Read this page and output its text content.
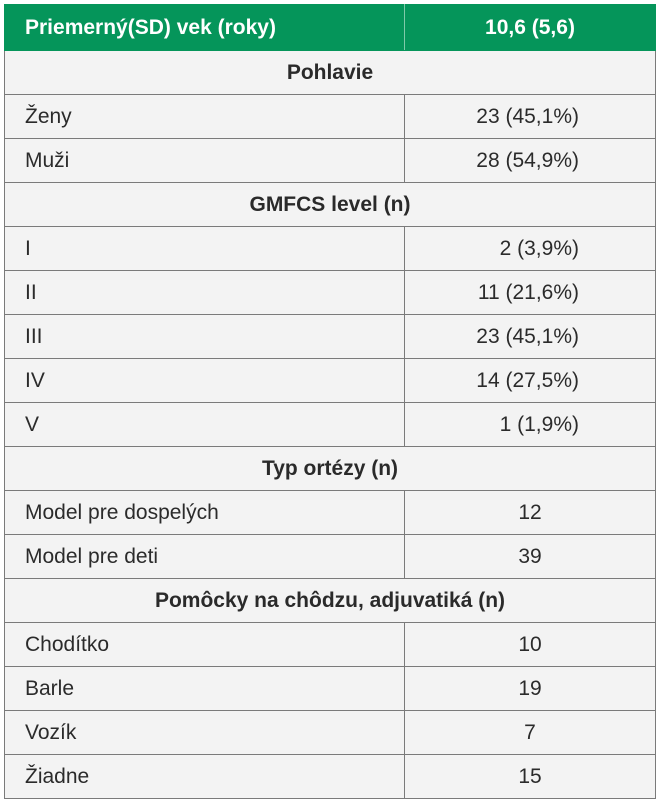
Priemerný(SD) vek (roky)	10,6 (5,6)
Pohlavie	
Ženy	23 (45,1%)
Muži	28 (54,9%)
GMFCS level (n)	
I	2 (3,9%)
II	11 (21,6%)
III	23 (45,1%)
IV	14 (27,5%)
V	1 (1,9%)
Typ ortézy (n)	
Model pre dospelých	12
Model pre deti	39
Pomôcky na chôdzu, adjuvatiká (n)	
Chodítko	10
Barle	19
Vozík	7
Žiadne	15
